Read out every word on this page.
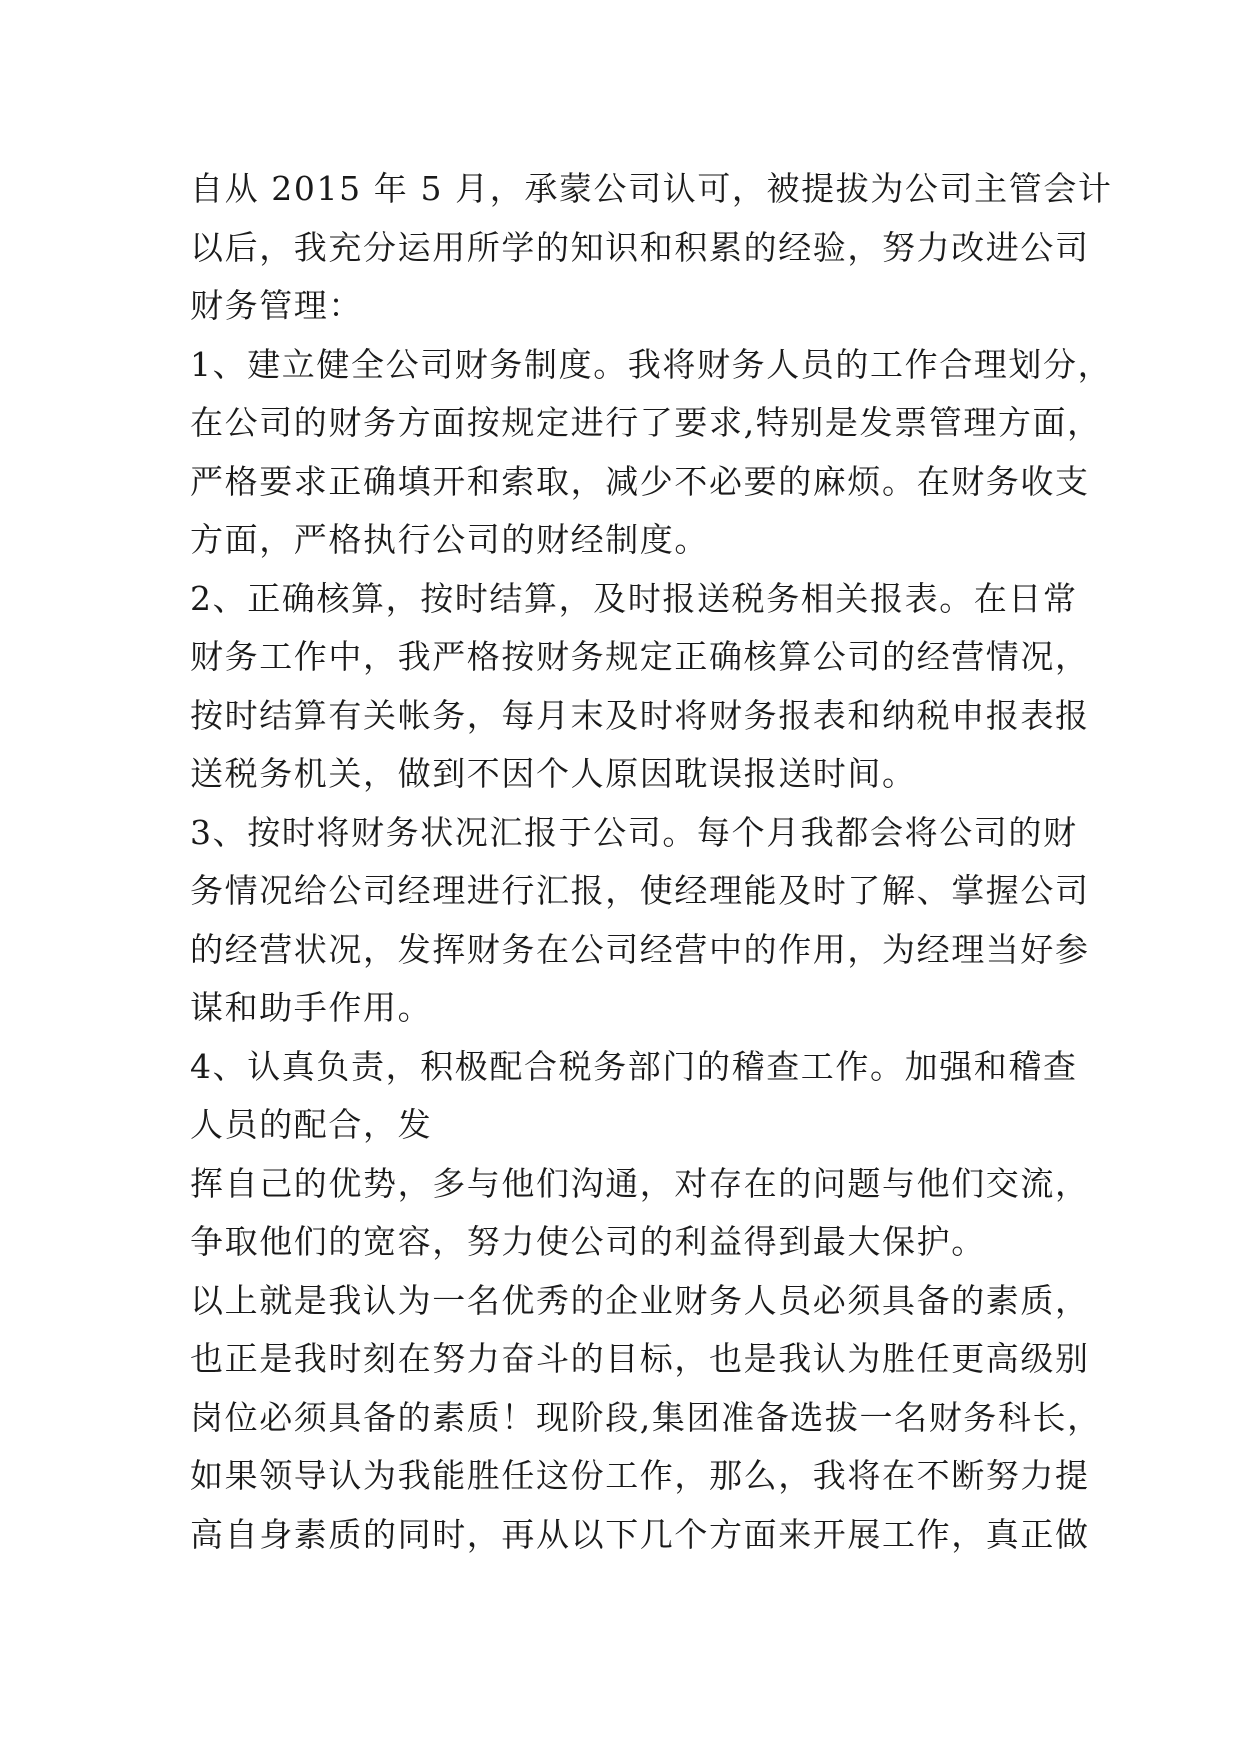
自从 2015 年 5 月，承蒙公司认可，被提拔为公司主管会计
以后，我充分运用所学的知识和积累的经验，努力改进公司
财务管理：
1、建立健全公司财务制度。我将财务人员的工作合理划分，
在公司的财务方面按规定进行了要求,特别是发票管理方面，
严格要求正确填开和索取，减少不必要的麻烦。在财务收支
方面，严格执行公司的财经制度。
2、正确核算，按时结算，及时报送税务相关报表。在日常
财务工作中，我严格按财务规定正确核算公司的经营情况，
按时结算有关帐务，每月末及时将财务报表和纳税申报表报
送税务机关，做到不因个人原因耽误报送时间。
3、按时将财务状况汇报于公司。每个月我都会将公司的财
务情况给公司经理进行汇报，使经理能及时了解、掌握公司
的经营状况，发挥财务在公司经营中的作用，为经理当好参
谋和助手作用。
4、认真负责，积极配合税务部门的稽查工作。加强和稽查
人员的配合，发
挥自己的优势，多与他们沟通，对存在的问题与他们交流，
争取他们的宽容，努力使公司的利益得到最大保护。
以上就是我认为一名优秀的企业财务人员必须具备的素质，
也正是我时刻在努力奋斗的目标，也是我认为胜任更高级别
岗位必须具备的素质！现阶段,集团准备选拔一名财务科长，
如果领导认为我能胜任这份工作，那么，我将在不断努力提
高自身素质的同时，再从以下几个方面来开展工作，真正做
